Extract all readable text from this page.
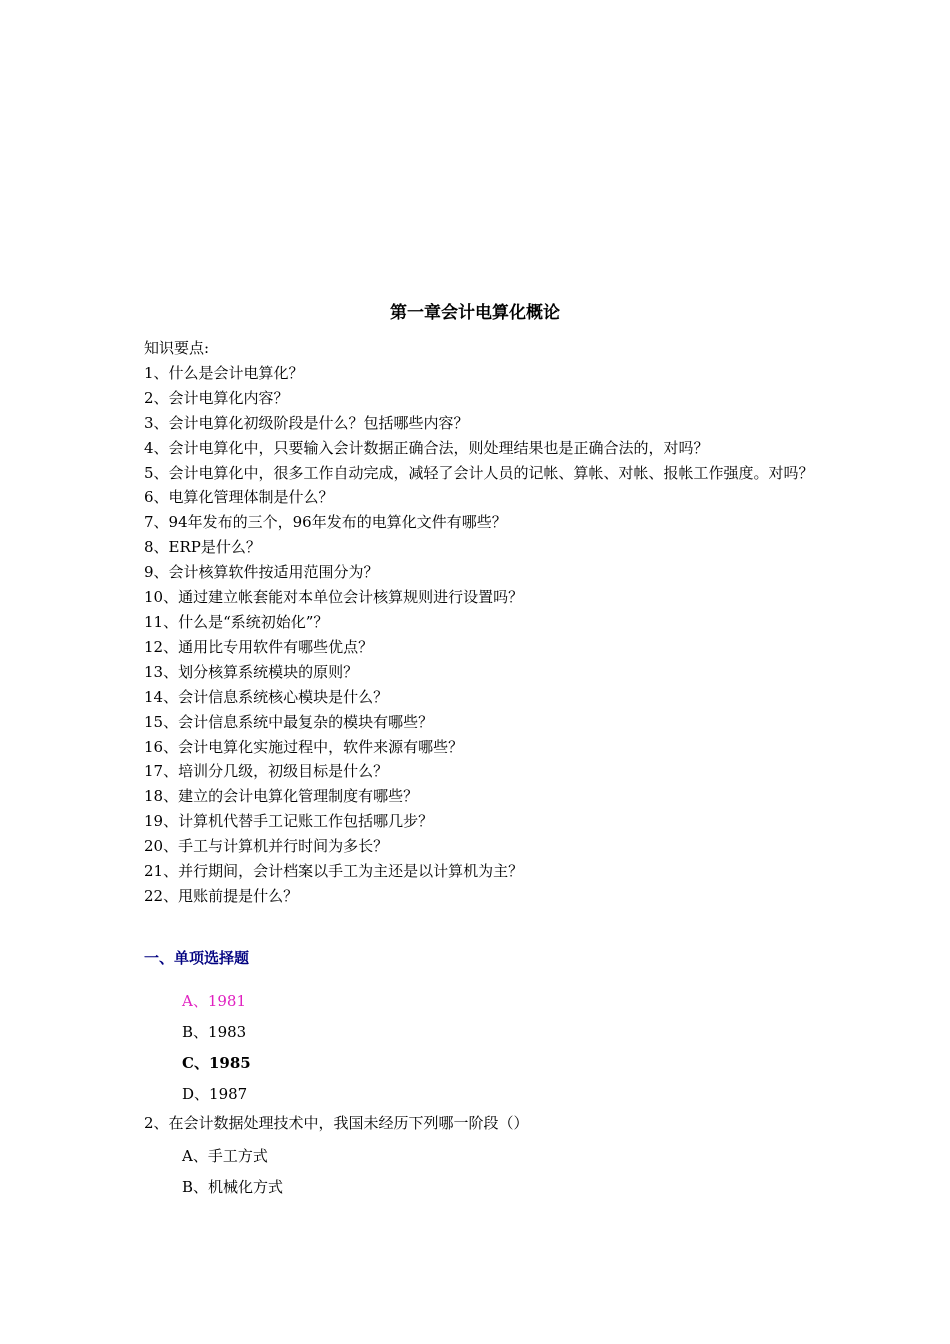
第一章会计电算化概论
知识要点:
1、什么是会计电算化？
2、会计电算化内容？
3、会计电算化初级阶段是什么？包括哪些内容？
4、会计电算化中，只要输入会计数据正确合法，则处理结果也是正确合法的，对吗？
5、会计电算化中，很多工作自动完成，减轻了会计人员的记帐、算帐、对帐、报帐工作强度。对吗？
6、电算化管理体制是什么？
7、94年发布的三个，96年发布的电算化文件有哪些？
8、ERP是什么？
9、会计核算软件按适用范围分为？
10、通过建立帐套能对本单位会计核算规则进行设置吗？
11、什么是“系统初始化”？
12、通用比专用软件有哪些优点？
13、划分核算系统模块的原则？
14、会计信息系统核心模块是什么？
15、会计信息系统中最复杂的模块有哪些？
16、会计电算化实施过程中，软件来源有哪些？
17、培训分几级，初级目标是什么？
18、建立的会计电算化管理制度有哪些？
19、计算机代替手工记账工作包括哪几步？
20、手工与计算机并行时间为多长？
21、并行期间，会计档案以手工为主还是以计算机为主？
22、甩账前提是什么？
一、单项选择题
A、1981
B、1983
C、1985
D、1987
2、在会计数据处理技术中，我国未经历下列哪一阶段（）
A、手工方式
B、机械化方式
